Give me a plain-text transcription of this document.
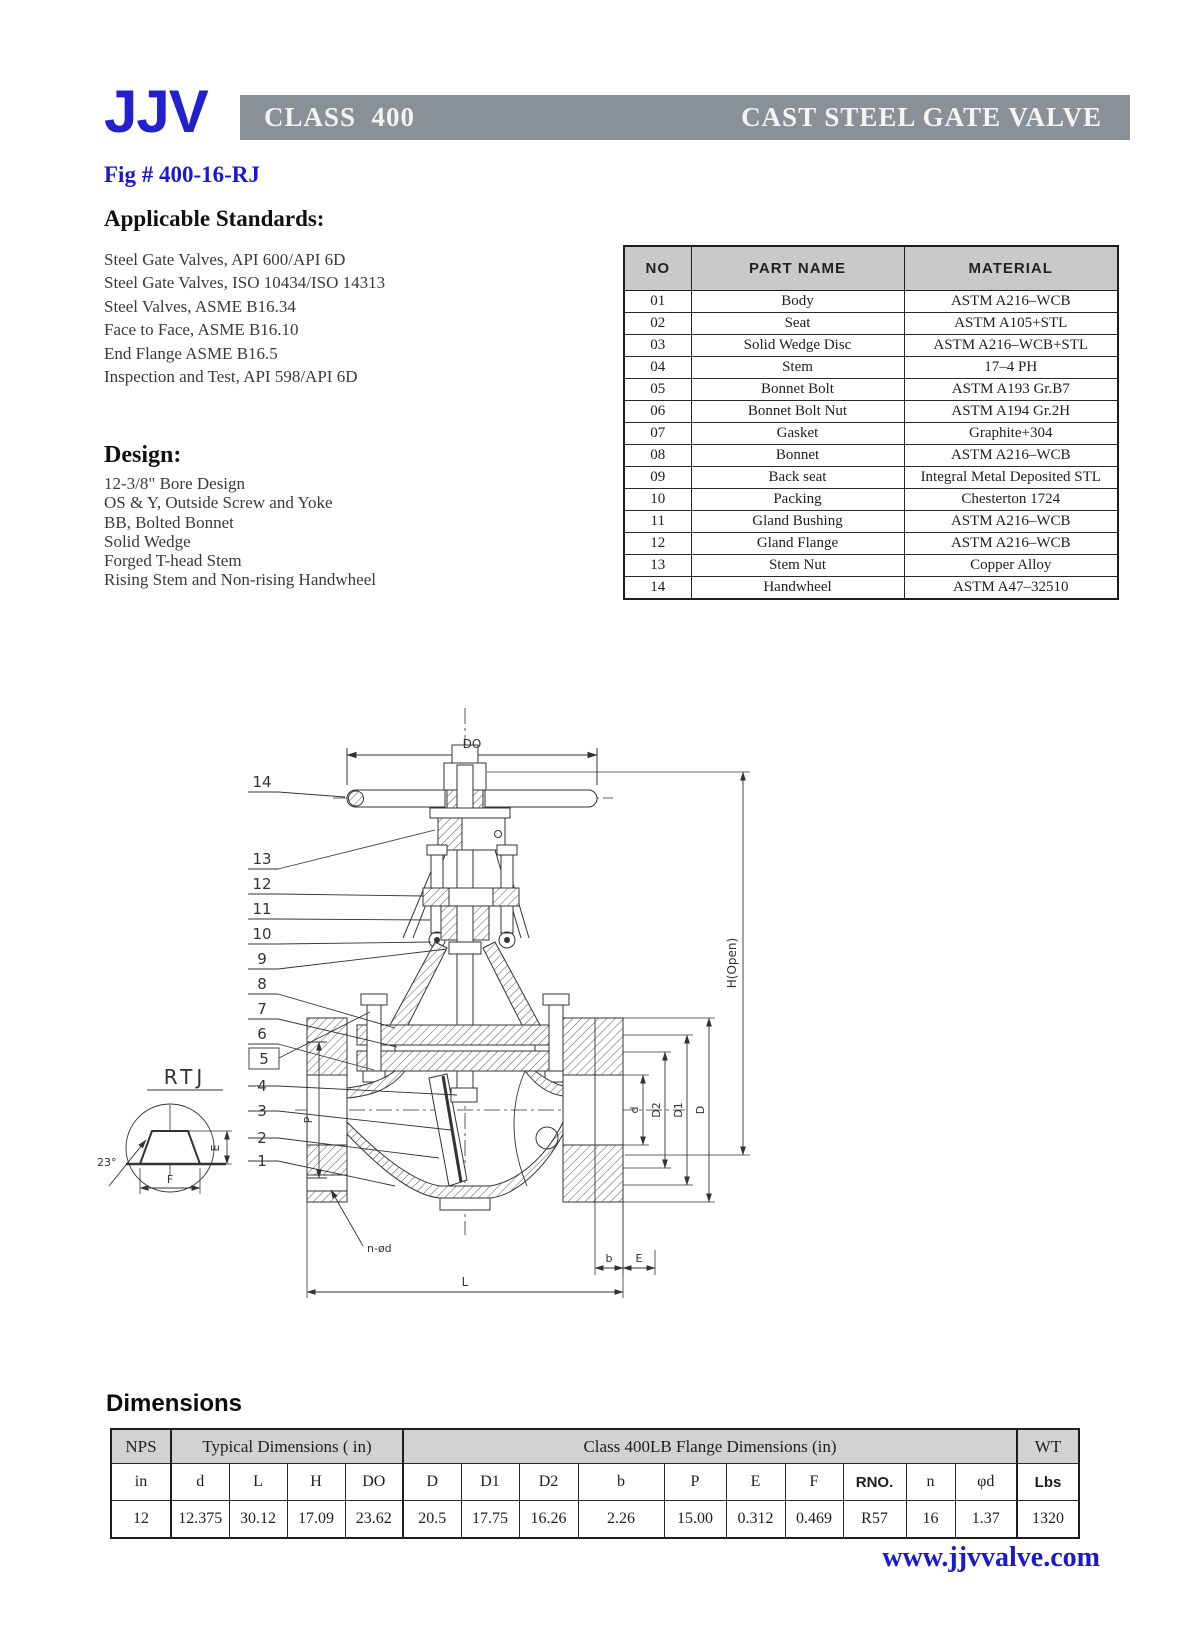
JJV	CLASS  400	CAST STEEL GATE VALVE
Fig # 400-16-RJ
Applicable Standards:
Steel Gate Valves, API 600/API 6D
Steel Gate Valves, ISO 10434/ISO 14313
Steel Valves, ASME B16.34
Face to Face, ASME B16.10
End Flange ASME B16.5
Inspection and Test, API 598/API 6D
Design:
12-3/8" Bore Design
OS & Y, Outside Screw and Yoke
BB, Bolted Bonnet
Solid Wedge
Forged T-head Stem
Rising Stem and Non-rising Handwheel
NO	PART NAME	MATERIAL
01	Body	ASTM A216–WCB
02	Seat	ASTM A105+STL
03	Solid Wedge Disc	ASTM A216–WCB+STL
04	Stem	17–4 PH
05	Bonnet Bolt	ASTM A193 Gr.B7
06	Bonnet Bolt Nut	ASTM A194 Gr.2H
07	Gasket	Graphite+304
08	Bonnet	ASTM A216–WCB
09	Back seat	Integral Metal Deposited STL
10	Packing	Chesterton 1724
11	Gland Bushing	ASTM A216–WCB
12	Gland Flange	ASTM A216–WCB
13	Stem Nut	Copper Alloy
14	Handwheel	ASTM A47–32510
DO
H(Open)
RTJ
23°
E
F
P
n-ød
d D2 D1 D
b E
L
14
13
12
11
10
9
8
7
6
5
4
3
2
1
Dimensions
NPS	Typical Dimensions ( in)				Class 400LB Flange Dimensions (in)										WT
in	d	L	H	DO	D	D1	D2	b	P	E	F	RNO.	n	φd	Lbs
12	12.375	30.12	17.09	23.62	20.5	17.75	16.26	2.26	15.00	0.312	0.469	R57	16	1.37	1320
www.jjvvalve.com
